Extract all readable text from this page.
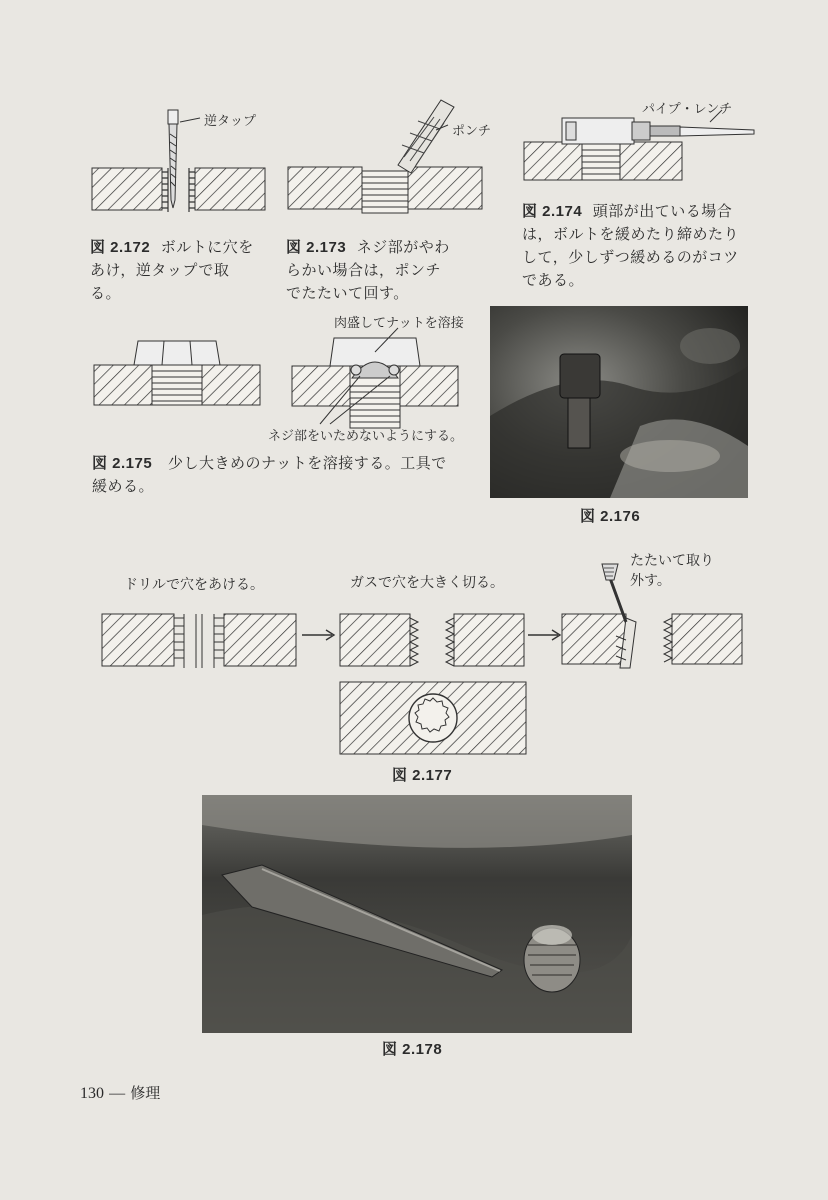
逆タップ
図 2.172 ボルトに穴をあけ，逆タップで取る。
ポンチ
図 2.173 ネジ部がやわらかい場合は，ポンチでたたいて回す。
パイプ・レンチ
図 2.174 頭部が出ている場合は，ボルトを緩めたり締めたりして，少しずつ緩めるのがコツである。
肉盛してナットを溶接
ネジ部をいためないようにする。
図 2.175 少し大きめのナットを溶接する。工具で緩める。
図 2.176
ドリルで穴をあける。	ガスで穴を大きく切る。
たたいて取り
外す。
図 2.177
図 2.178
130 — 修理
